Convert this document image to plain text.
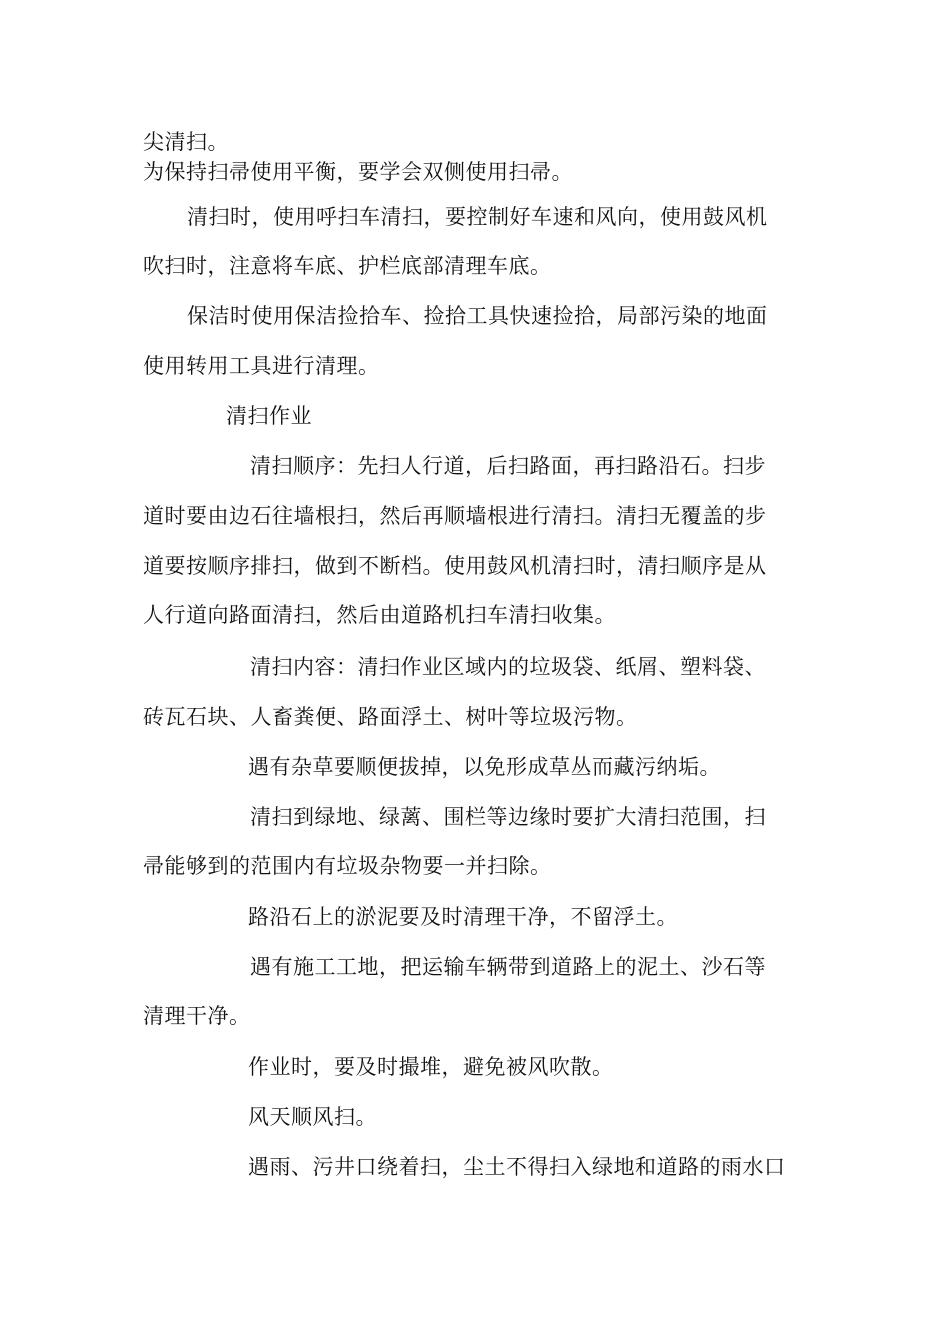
尖清扫。
为保持扫帚使用平衡，要学会双侧使用扫帚。
清扫时，使用呼扫车清扫，要控制好车速和风向，使用鼓风机
吹扫时，注意将车底、护栏底部清理车底。
保洁时使用保洁捡拾车、捡拾工具快速捡拾，局部污染的地面
使用转用工具进行清理。
清扫作业
清扫顺序：先扫人行道，后扫路面，再扫路沿石。扫步
道时要由边石往墙根扫，然后再顺墙根进行清扫。清扫无覆盖的步
道要按顺序排扫，做到不断档。使用鼓风机清扫时，清扫顺序是从
人行道向路面清扫，然后由道路机扫车清扫收集。
清扫内容：清扫作业区域内的垃圾袋、纸屑、塑料袋、
砖瓦石块、人畜粪便、路面浮土、树叶等垃圾污物。
遇有杂草要顺便拔掉，以免形成草丛而藏污纳垢。
清扫到绿地、绿蓠、围栏等边缘时要扩大清扫范围，扫
帚能够到的范围内有垃圾杂物要一并扫除。
路沿石上的淤泥要及时清理干净，不留浮土。
遇有施工工地，把运输车辆带到道路上的泥土、沙石等
清理干净。
作业时，要及时撮堆，避免被风吹散。
风天顺风扫。
遇雨、污井口绕着扫，尘土不得扫入绿地和道路的雨水口
